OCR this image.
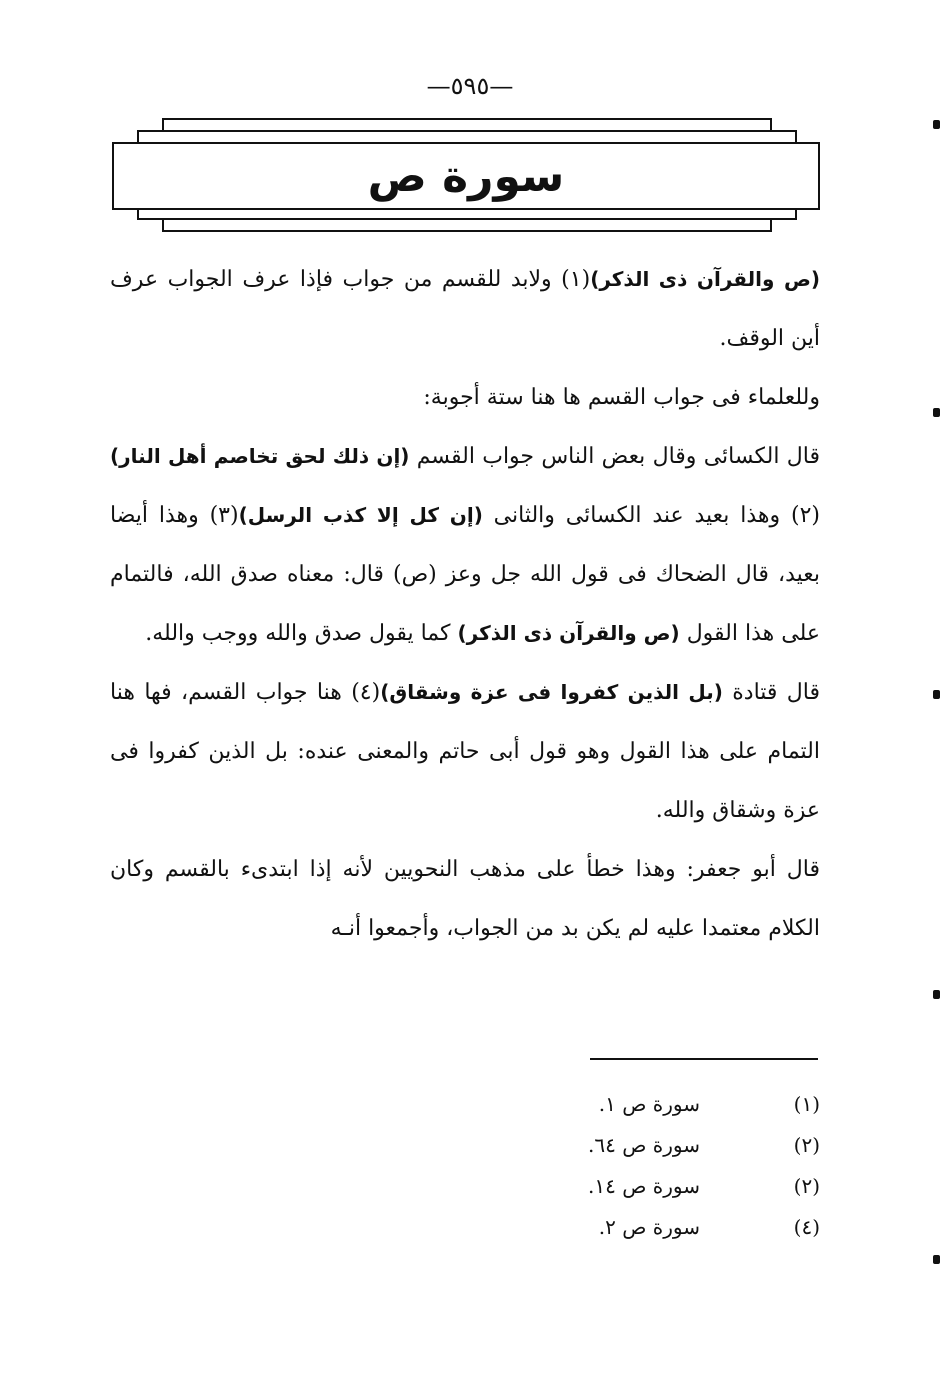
—٥٩٥—
سورة ص

(ص والقرآن ذى الذكر)(١) ولابد للقسم من جواب فإذا عرف الجواب عرف أين الوقف.

وللعلماء فى جواب القسم ها هنا ستة أجوبة:

قال الكسائى وقال بعض الناس جواب القسم (إن ذلك لحق تخاصم أهل النار)(٢) وهذا بعيد عند الكسائى والثانى (إن كل إلا كذب الرسل)(٣) وهذا أيضا بعيد، قال الضحاك فى قول الله جل وعز (ص) قال: معناه صدق الله، فالتمام على هذا القول (ص والقرآن ذى الذكر) كما يقول صدق والله ووجب والله.

قال قتادة (بل الذين كفروا فى عزة وشقاق)(٤) هنا جواب القسم، فها هنا التمام على هذا القول وهو قول أبى حاتم والمعنى عنده: بل الذين كفروا فى عزة وشقاق والله.

قال أبو جعفر: وهذا خطأ على مذهب النحويين لأنه إذا ابتدىء بالقسم وكان الكلام معتمدا عليه لم يكن بد من الجواب، وأجمعوا أنـه

(١)
سورة ص ١.
(٢)
سورة ص ٦٤.
(٢)
سورة ص ١٤.
(٤)
سورة ص ٢.
